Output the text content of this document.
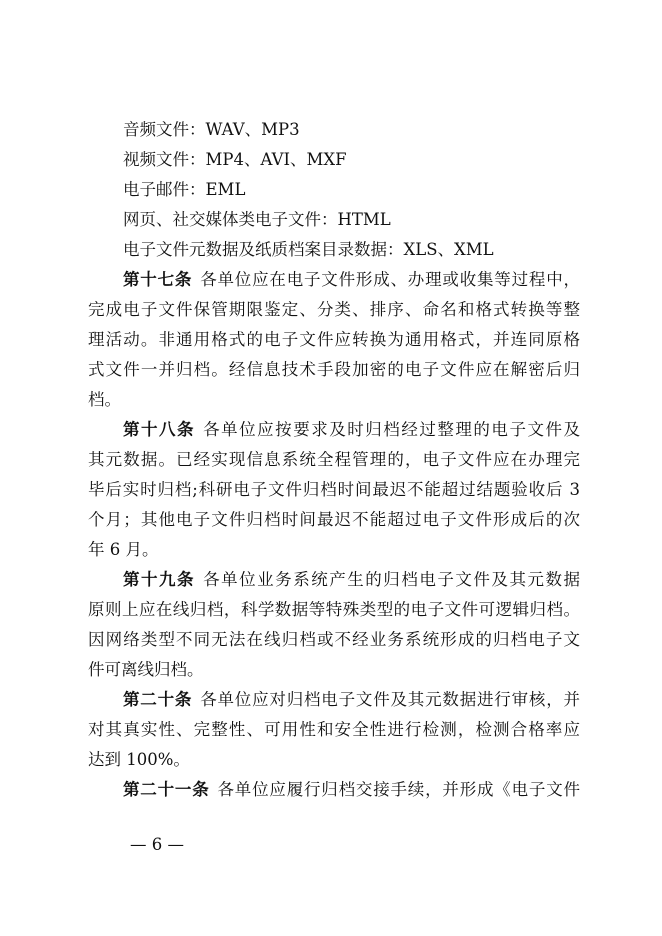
音频文件：WAV、MP3
视频文件：MP4、AVI、MXF
电子邮件：EML
网页、社交媒体类电子文件：HTML
电子文件元数据及纸质档案目录数据：XLS、XML
第十七条 各单位应在电子文件形成、办理或收集等过程中，
完成电子文件保管期限鉴定、分类、排序、命名和格式转换等整
理活动。非通用格式的电子文件应转换为通用格式，并连同原格
式文件一并归档。经信息技术手段加密的电子文件应在解密后归
档。
第十八条 各单位应按要求及时归档经过整理的电子文件及
其元数据。已经实现信息系统全程管理的，电子文件应在办理完
毕后实时归档;科研电子文件归档时间最迟不能超过结题验收后 3
个月；其他电子文件归档时间最迟不能超过电子文件形成后的次
年 6 月。
第十九条 各单位业务系统产生的归档电子文件及其元数据
原则上应在线归档，科学数据等特殊类型的电子文件可逻辑归档。
因网络类型不同无法在线归档或不经业务系统形成的归档电子文
件可离线归档。
第二十条 各单位应对归档电子文件及其元数据进行审核，并
对其真实性、完整性、可用性和安全性进行检测，检测合格率应
达到 100%。
第二十一条 各单位应履行归档交接手续，并形成《电子文件
— 6 —
